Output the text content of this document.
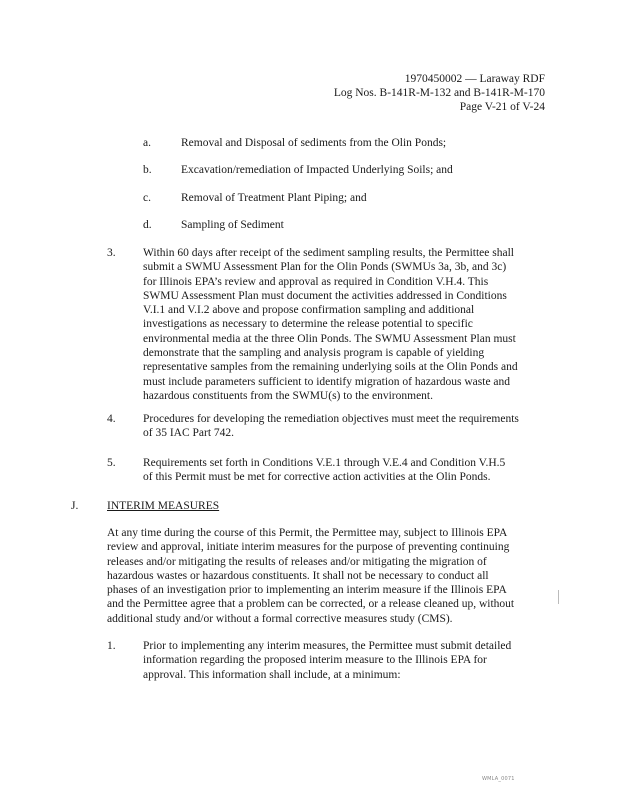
1970450002 — Laraway RDF
Log Nos. B-141R-M-132 and B-141R-M-170
Page V-21 of V-24
a.	Removal and Disposal of sediments from the Olin Ponds;
b.	Excavation/remediation of Impacted Underlying Soils; and
c.	Removal of Treatment Plant Piping; and
d.	Sampling of Sediment
3. Within 60 days after receipt of the sediment sampling results, the Permittee shall
submit a SWMU Assessment Plan for the Olin Ponds (SWMUs 3a, 3b, and 3c)
for Illinois EPA’s review and approval as required in Condition V.H.4. This
SWMU Assessment Plan must document the activities addressed in Conditions
V.I.1 and V.I.2 above and propose confirmation sampling and additional
investigations as necessary to determine the release potential to specific
environmental media at the three Olin Ponds. The SWMU Assessment Plan must
demonstrate that the sampling and analysis program is capable of yielding
representative samples from the remaining underlying soils at the Olin Ponds and
must include parameters sufficient to identify migration of hazardous waste and
hazardous constituents from the SWMU(s) to the environment.
4. Procedures for developing the remediation objectives must meet the requirements
of 35 IAC Part 742.
5. Requirements set forth in Conditions V.E.1 through V.E.4 and Condition V.H.5
of this Permit must be met for corrective action activities at the Olin Ponds.
J. INTERIM MEASURES
At any time during the course of this Permit, the Permittee may, subject to Illinois EPA
review and approval, initiate interim measures for the purpose of preventing continuing
releases and/or mitigating the results of releases and/or mitigating the migration of
hazardous wastes or hazardous constituents. It shall not be necessary to conduct all
phases of an investigation prior to implementing an interim measure if the Illinois EPA
and the Permittee agree that a problem can be corrected, or a release cleaned up, without
additional study and/or without a formal corrective measures study (CMS).
1. Prior to implementing any interim measures, the Permittee must submit detailed
information regarding the proposed interim measure to the Illinois EPA for
approval. This information shall include, at a minimum:
WMLA_0071
